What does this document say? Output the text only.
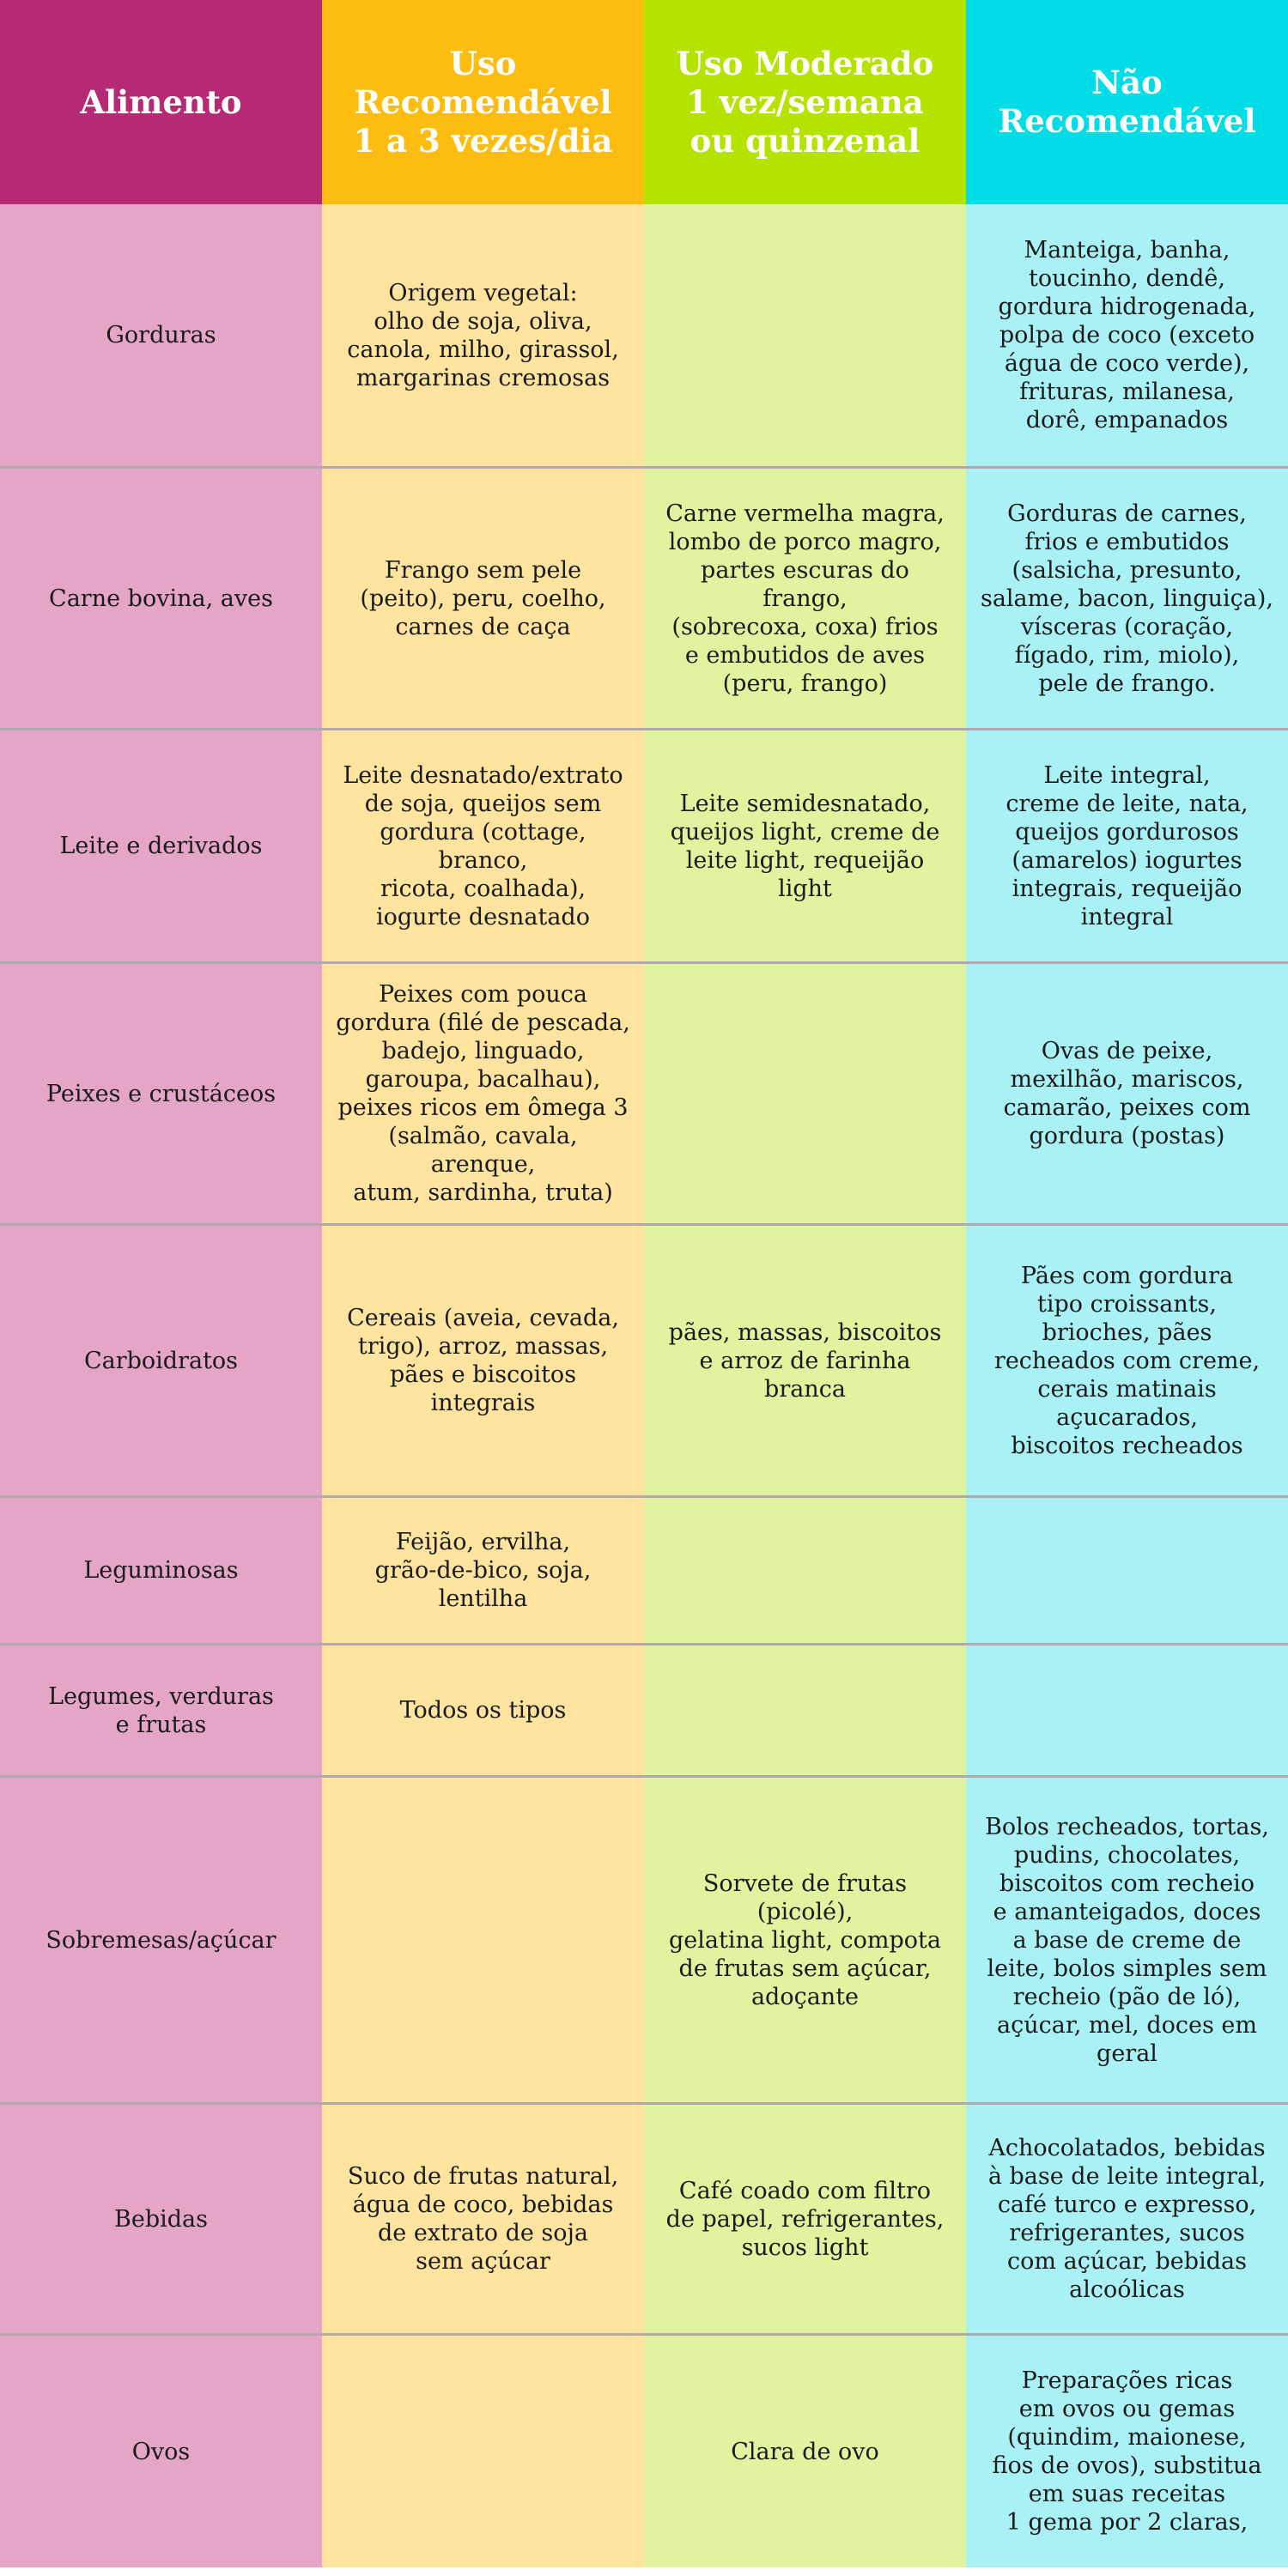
Alimento
Uso
Recomendável
1 a 3 vezes/dia
Uso Moderado
1 vez/semana
ou quinzenal
Não
Recomendável
Gorduras
Origem vegetal:
olho de soja, oliva,
canola, milho, girassol,
margarinas cremosas
Manteiga, banha,
toucinho, dendê,
gordura hidrogenada,
polpa de coco (exceto
água de coco verde),
frituras, milanesa,
dorê, empanados
Carne bovina, aves
Frango sem pele
(peito), peru, coelho,
carnes de caça
Carne vermelha magra,
lombo de porco magro,
partes escuras do frango,
(sobrecoxa, coxa) frios
e embutidos de aves
(peru, frango)
Gorduras de carnes,
frios e embutidos
(salsicha, presunto,
salame, bacon, linguiça),
vísceras (coração,
fígado, rim, miolo),
pele de frango.
Leite e derivados
Leite desnatado/extrato
de soja, queijos sem
gordura (cottage, branco,
ricota, coalhada),
iogurte desnatado
Leite semidesnatado,
queijos light, creme de
leite light, requeijão light
Leite integral,
creme de leite, nata,
queijos gordurosos
(amarelos) iogurtes
integrais, requeijão
integral
Peixes e crustáceos
Peixes com pouca
gordura (filé de pescada,
badejo, linguado,
garoupa, bacalhau),
peixes ricos em ômega 3
(salmão, cavala, arenque,
atum, sardinha, truta)
Ovas de peixe,
mexilhão, mariscos,
camarão, peixes com
gordura (postas)
Carboidratos
Cereais (aveia, cevada,
trigo), arroz, massas,
pães e biscoitos integrais
pães, massas, biscoitos
e arroz de farinha branca
Pães com gordura
tipo croissants,
brioches, pães
recheados com creme,
cerais matinais
açucarados,
biscoitos recheados
Leguminosas
Feijão, ervilha,
grão-de-bico, soja,
lentilha
Legumes, verduras
e frutas
Todos os tipos
Sobremesas/açúcar
Sorvete de frutas (picolé),
gelatina light, compota
de frutas sem açúcar,
adoçante
Bolos recheados, tortas,
pudins, chocolates,
biscoitos com recheio
e amanteigados, doces
a base de creme de
leite, bolos simples sem
recheio (pão de ló),
açúcar, mel, doces em
geral
Bebidas
Suco de frutas natural,
água de coco, bebidas
de extrato de soja
sem açúcar
Café coado com filtro
de papel, refrigerantes,
sucos light
Achocolatados, bebidas
à base de leite integral,
café turco e expresso,
refrigerantes, sucos
com açúcar, bebidas
alcoólicas
Ovos	Clara de ovo
Preparações ricas
em ovos ou gemas
(quindim, maionese,
fios de ovos), substitua
em suas receitas
1 gema por 2 claras,
